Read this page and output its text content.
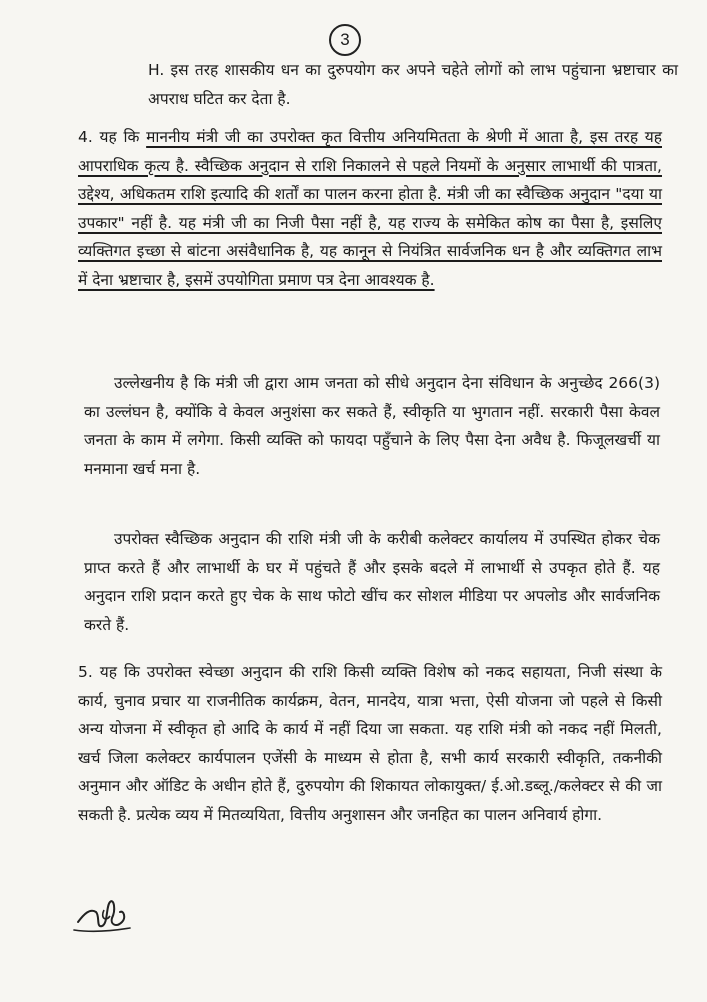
3

H. इस तरह शासकीय धन का दुरुपयोग कर अपने चहेते लोगों को लाभ पहुंचाना भ्रष्टाचार का अपराध घटित कर देता है.

4. यह कि माननीय मंत्री जी का उपरोक्त कृत वित्तीय अनियमितता के श्रेणी में आता है, इस तरह यह आपराधिक कृत्य है. स्वैच्छिक अनुदान से राशि निकालने से पहले नियमों के अनुसार लाभार्थी की पात्रता, उद्देश्य, अधिकतम राशि इत्यादि की शर्तों का पालन करना होता है. मंत्री जी का स्वैच्छिक अनुदान "दया या उपकार" नहीं है. यह मंत्री जी का निजी पैसा नहीं है, यह राज्य के समेकित कोष का पैसा है, इसलिए व्यक्तिगत इच्छा से बांटना असंवैधानिक है, यह कानून से नियंत्रित सार्वजनिक धन है और व्यक्तिगत लाभ में देना भ्रष्टाचार है, इसमें उपयोगिता प्रमाण पत्र देना आवश्यक है.

उल्लेखनीय है कि मंत्री जी द्वारा आम जनता को सीधे अनुदान देना संविधान के अनुच्छेद 266(3) का उल्लंघन है, क्योंकि वे केवल अनुशंसा कर सकते हैं, स्वीकृति या भुगतान नहीं. सरकारी पैसा केवल जनता के काम में लगेगा. किसी व्यक्ति को फायदा पहुँचाने के लिए पैसा देना अवैध है. फिजूलखर्ची या मनमाना खर्च मना है.

उपरोक्त स्वैच्छिक अनुदान की राशि मंत्री जी के करीबी कलेक्टर कार्यालय में उपस्थित होकर चेक प्राप्त करते हैं और लाभार्थी के घर में पहुंचते हैं और इसके बदले में लाभार्थी से उपकृत होते हैं. यह अनुदान राशि प्रदान करते हुए चेक के साथ फोटो खींच कर सोशल मीडिया पर अपलोड और सार्वजनिक करते हैं.

5. यह कि उपरोक्त स्वेच्छा अनुदान की राशि किसी व्यक्ति विशेष को नकद सहायता, निजी संस्था के कार्य, चुनाव प्रचार या राजनीतिक कार्यक्रम, वेतन, मानदेय, यात्रा भत्ता, ऐसी योजना जो पहले से किसी अन्य योजना में स्वीकृत हो आदि के कार्य में नहीं दिया जा सकता. यह राशि मंत्री को नकद नहीं मिलती, खर्च जिला कलेक्टर कार्यपालन एजेंसी के माध्यम से होता है, सभी कार्य सरकारी स्वीकृति, तकनीकी अनुमान और ऑडिट के अधीन होते हैं, दुरुपयोग की शिकायत लोकायुक्त/ ई.ओ.डब्लू./कलेक्टर से की जा सकती है. प्रत्येक व्यय में मितव्ययिता, वित्तीय अनुशासन और जनहित का पालन अनिवार्य होगा.
